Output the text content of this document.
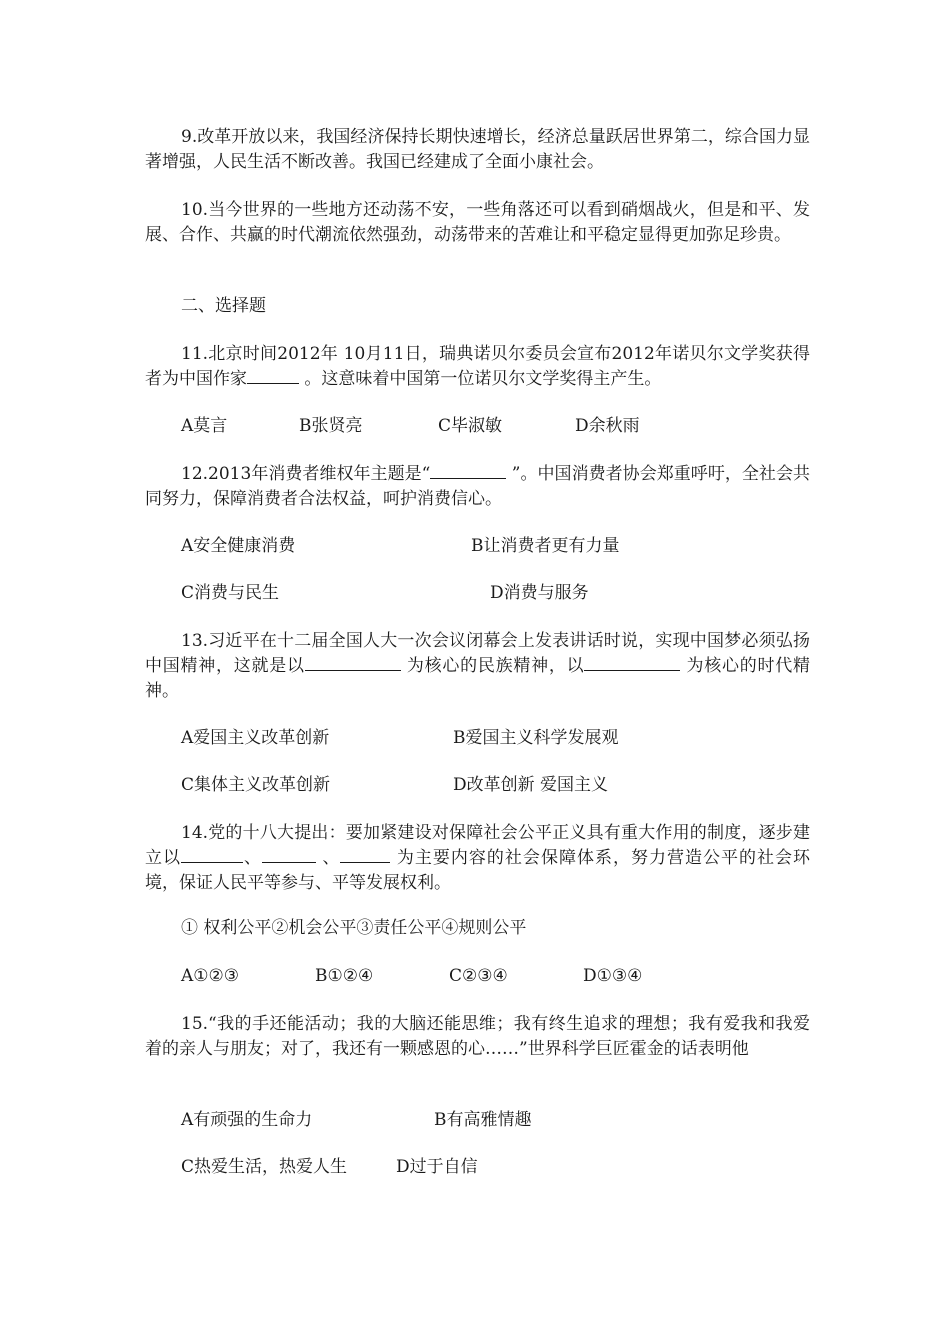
9.改革开放以来，我国经济保持长期快速增长，经济总量跃居世界第二，综合国力显著增强，人民生活不断改善。我国已经建成了全面小康社会。

10.当今世界的一些地方还动荡不安，一些角落还可以看到硝烟战火，但是和平、发展、合作、共赢的时代潮流依然强劲，动荡带来的苦难让和平稳定显得更加弥足珍贵。

二、选择题

11.北京时间2012年 10月11日，瑞典诺贝尔委员会宣布2012年诺贝尔文学奖获得者为中国作家	。这意味着中国第一位诺贝尔文学奖得主产生。

A莫言	B张贤亮	C毕淑敏	D余秋雨

12.2013年消费者维权年主题是“	”。中国消费者协会郑重呼吁，全社会共同努力，保障消费者合法权益，呵护消费信心。

A安全健康消费	B让消费者更有力量
C消费与民生	D消费与服务

13.习近平在十二届全国人大一次会议闭幕会上发表讲话时说，实现中国梦必须弘扬中国精神，这就是以	为核心的民族精神，以	为核心的时代精神。

A爱国主义改革创新	B爱国主义科学发展观
C集体主义改革创新	D改革创新 爱国主义

14.党的十八大提出：要加紧建设对保障社会公平正义具有重大作用的制度，逐步建立以	、	、	为主要内容的社会保障体系，努力营造公平的社会环境，保证人民平等参与、平等发展权利。

① 权利公平②机会公平③责任公平④规则公平
A①②③	B①②④	C②③④	D①③④

15.“我的手还能活动；我的大脑还能思维；我有终生追求的理想；我有爱我和我爱着的亲人与朋友；对了，我还有一颗感恩的心……”世界科学巨匠霍金的话表明他

A有顽强的生命力	B有高雅情趣
C热爱生活，热爱人生	D过于自信
